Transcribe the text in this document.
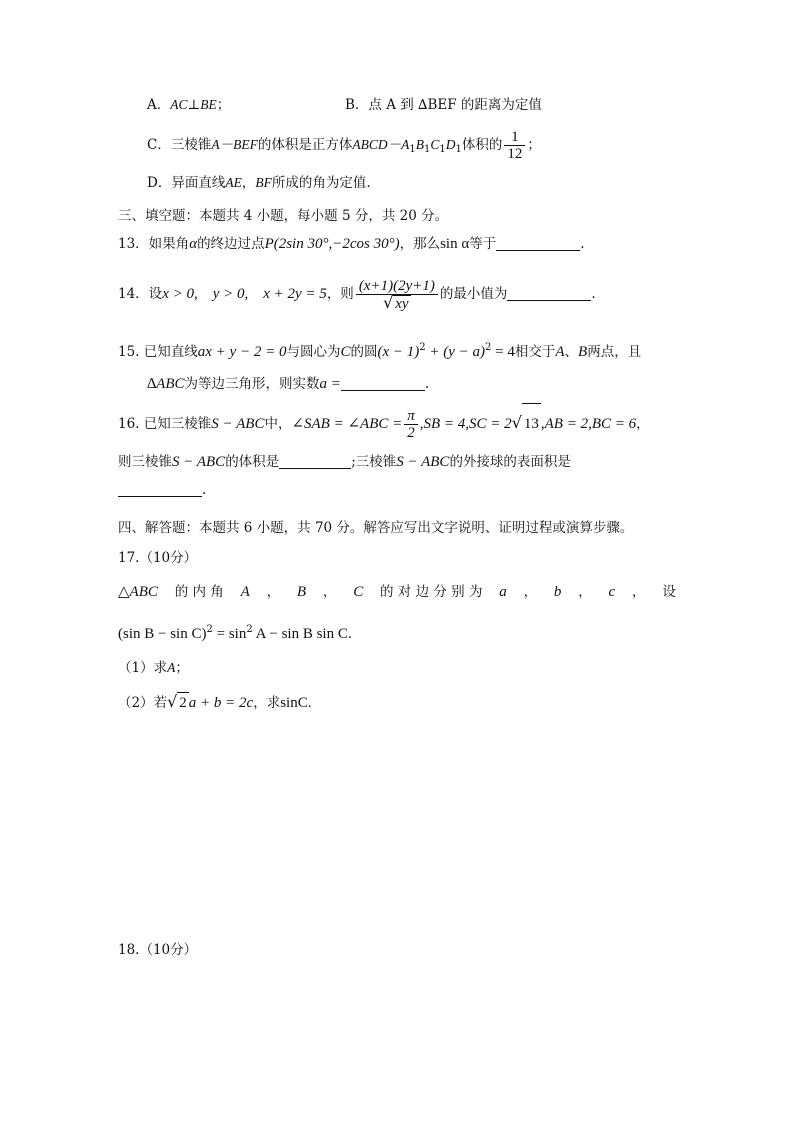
A．AC⊥BE；	B．点 A 到 ∆BEF 的距离为定值
C．三棱锥A－BEF的体积是正方体$ABCD-A_1B_1C_1D_1$体积的 $\frac{1}{12}$ ；
D．异面直线AE，BF所成的角为定值.
三、填空题：本题共 4 小题，每小题 5 分，共 20 分。
13．如果角α的终边过点P(2sin 30°,−2cos 30°)，那么sin α等于	.
14．设x > 0,    y > 0,    x + 2y = 5，则 $\frac{(x+1)(2y+1)}{√ xy}$ 的最小值为	.
15. 已知直线ax + y − 2 = 0与圆心为C的圆$(x - 1)^2 + (y - a)^2 = 4$相交于A、B两点，且
∆ABC为等边三角形，则实数a =	.
16. 已知三棱锥S − ABC中，∠SAB = ∠ABC = $\frac{\pi}{2} ,SB = 4,SC = 2√$ 13 ,AB = 2,BC = 6，
则三棱锥S − ABC的体积是	;三棱锥S − ABC的外接球的表面积是
.
四、解答题：本题共 6 小题，共 70 分。解答应写出文字说明、证明过程或演算步骤。
17.（10分）
△ABC 的 内 角 A ， B ， C 的 对 边 分 别 为 a ， b ， c ， 设
(sin $B - \sin C)^2 = \sin^2 A - \sin B$ sin C．
（1）求A；
（2）若√ 2 a + b = 2c，求sinC.
18.（10分）
